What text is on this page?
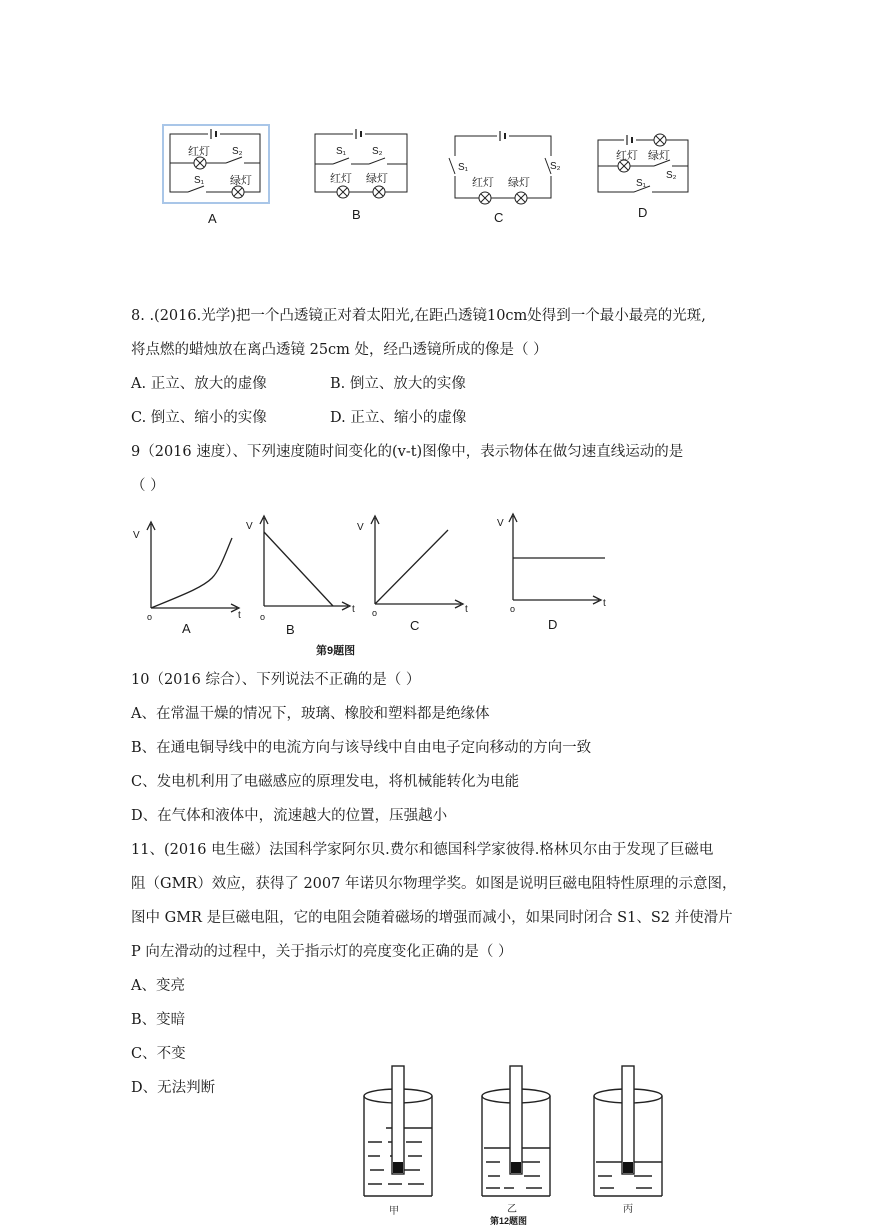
红灯 S₂
S₁ 绿灯
A
S₁	S₂
红灯 绿灯
B
S₁	S₂
红灯 绿灯
C
红灯 绿灯
S₂
S₁
D
8. .(2016.光学)把一个凸透镜正对着太阳光,在距凸透镜10cm处得到一个最小最亮的光斑,
将点燃的蜡烛放在离凸透镜 25cm 处，经凸透镜所成的像是（ ）
A. 正立、放大的虚像	B. 倒立、放大的实像
C. 倒立、缩小的实像	D. 正立、缩小的虚像
9（2016 速度）、下列速度随时间变化的(v-t)图像中，表示物体在做匀速直线运动的是
（ ）
V
o	t
A
V
o
t
B
V
o	t
C
V
o	t
D
第9题图
10（2016 综合）、下列说法不正确的是（ ）
A、在常温干燥的情况下，玻璃、橡胶和塑料都是绝缘体
B、在通电铜导线中的电流方向与该导线中自由电子定向移动的方向一致
C、发电机利用了电磁感应的原理发电，将机械能转化为电能
D、在气体和液体中，流速越大的位置，压强越小
11、(2016 电生磁）法国科学家阿尔贝.费尔和德国科学家彼得.格林贝尔由于发现了巨磁电
阻（GMR）效应，获得了 2007 年诺贝尔物理学奖。如图是说明巨磁电阻特性原理的示意图，
图中 GMR 是巨磁电阻，它的电阻会随着磁场的增强而减小，如果同时闭合 S1、S2 并使滑片
P 向左滑动的过程中，关于指示灯的亮度变化正确的是（ ）
A、变亮
B、变暗
C、不变
D、无法判断
甲	乙	丙
第12题图
